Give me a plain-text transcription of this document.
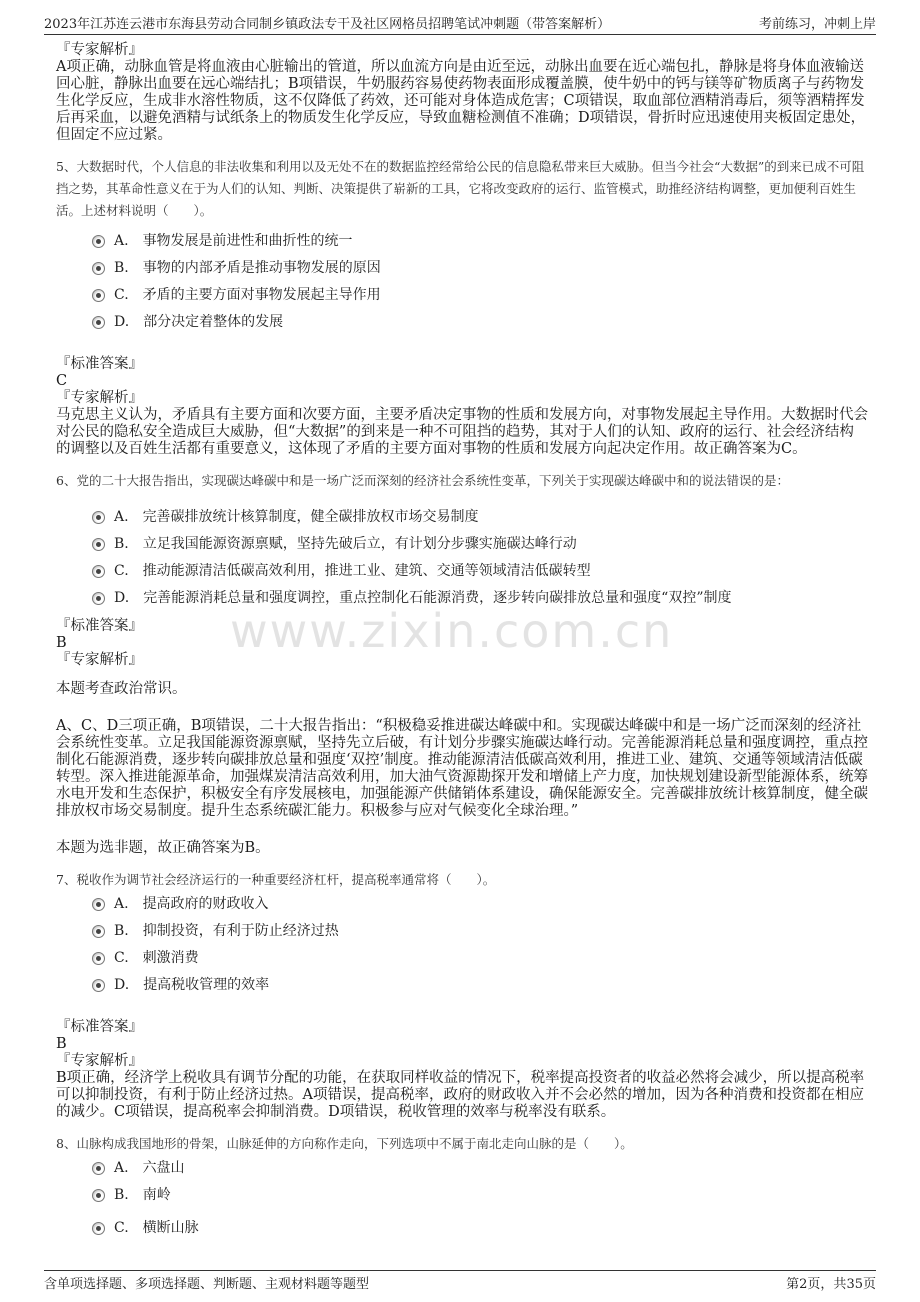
2023年江苏连云港市东海县劳动合同制乡镇政法专干及社区网格员招聘笔试冲刺题（带答案解析）	考前练习，冲刺上岸
www.zixin.com.cn

『专家解析』

A项正确，动脉血管是将血液由心脏输出的管道，所以血流方向是由近至远，动脉出血要在近心端包扎，静脉是将身体血液输送回心脏，静脉出血要在远心端结扎；B项错误，牛奶服药容易使药物表面形成覆盖膜，使牛奶中的钙与镁等矿物质离子与药物发生化学反应，生成非水溶性物质，这不仅降低了药效，还可能对身体造成危害；C项错误，取血部位酒精消毒后，须等酒精挥发后再采血，以避免酒精与试纸条上的物质发生化学反应，导致血糖检测值不准确；D项错误，骨折时应迅速使用夹板固定患处，但固定不应过紧。

5、大数据时代，个人信息的非法收集和利用以及无处不在的数据监控经常给公民的信息隐私带来巨大威胁。但当今社会“大数据”的到来已成不可阻挡之势，其革命性意义在于为人们的认知、判断、决策提供了崭新的工具，它将改变政府的运行、监管模式，助推经济结构调整，更加便利百姓生活。上述材料说明（　　）。

A. 事物发展是前进性和曲折性的统一
B. 事物的内部矛盾是推动事物发展的原因
C. 矛盾的主要方面对事物发展起主导作用
D. 部分决定着整体的发展

『标准答案』

C

『专家解析』

马克思主义认为，矛盾具有主要方面和次要方面，主要矛盾决定事物的性质和发展方向，对事物发展起主导作用。大数据时代会对公民的隐私安全造成巨大威胁，但“大数据”的到来是一种不可阻挡的趋势，其对于人们的认知、政府的运行、社会经济结构的调整以及百姓生活都有重要意义，这体现了矛盾的主要方面对事物的性质和发展方向起决定作用。故正确答案为C。

6、党的二十大报告指出，实现碳达峰碳中和是一场广泛而深刻的经济社会系统性变革，下列关于实现碳达峰碳中和的说法错误的是：

A. 完善碳排放统计核算制度，健全碳排放权市场交易制度
B. 立足我国能源资源禀赋，坚持先破后立，有计划分步骤实施碳达峰行动
C. 推动能源清洁低碳高效利用，推进工业、建筑、交通等领域清洁低碳转型
D. 完善能源消耗总量和强度调控，重点控制化石能源消费，逐步转向碳排放总量和强度“双控”制度

『标准答案』

B

『专家解析』

本题考查政治常识。

A、C、D三项正确，B项错误，二十大报告指出：“积极稳妥推进碳达峰碳中和。实现碳达峰碳中和是一场广泛而深刻的经济社会系统性变革。立足我国能源资源禀赋，坚持先立后破，有计划分步骤实施碳达峰行动。完善能源消耗总量和强度调控，重点控制化石能源消费，逐步转向碳排放总量和强度‘双控’制度。推动能源清洁低碳高效利用，推进工业、建筑、交通等领域清洁低碳转型。深入推进能源革命，加强煤炭清洁高效利用，加大油气资源勘探开发和增储上产力度，加快规划建设新型能源体系，统筹水电开发和生态保护，积极安全有序发展核电，加强能源产供储销体系建设，确保能源安全。完善碳排放统计核算制度，健全碳排放权市场交易制度。提升生态系统碳汇能力。积极参与应对气候变化全球治理。”

本题为选非题，故正确答案为B。

7、税收作为调节社会经济运行的一种重要经济杠杆，提高税率通常将（　　）。

A. 提高政府的财政收入
B. 抑制投资，有利于防止经济过热
C. 刺激消费
D. 提高税收管理的效率

『标准答案』

B

『专家解析』

B项正确，经济学上税收具有调节分配的功能，在获取同样收益的情况下，税率提高投资者的收益必然将会减少，所以提高税率可以抑制投资，有利于防止经济过热。A项错误，提高税率，政府的财政收入并不会必然的增加，因为各种消费和投资都在相应的减少。C项错误，提高税率会抑制消费。D项错误，税收管理的效率与税率没有联系。

8、山脉构成我国地形的骨架，山脉延伸的方向称作走向，下列选项中不属于南北走向山脉的是（　　）。

A. 六盘山
B. 南岭
C. 横断山脉
含单项选择题、多项选择题、判断题、主观材料题等题型	第2页，共35页
